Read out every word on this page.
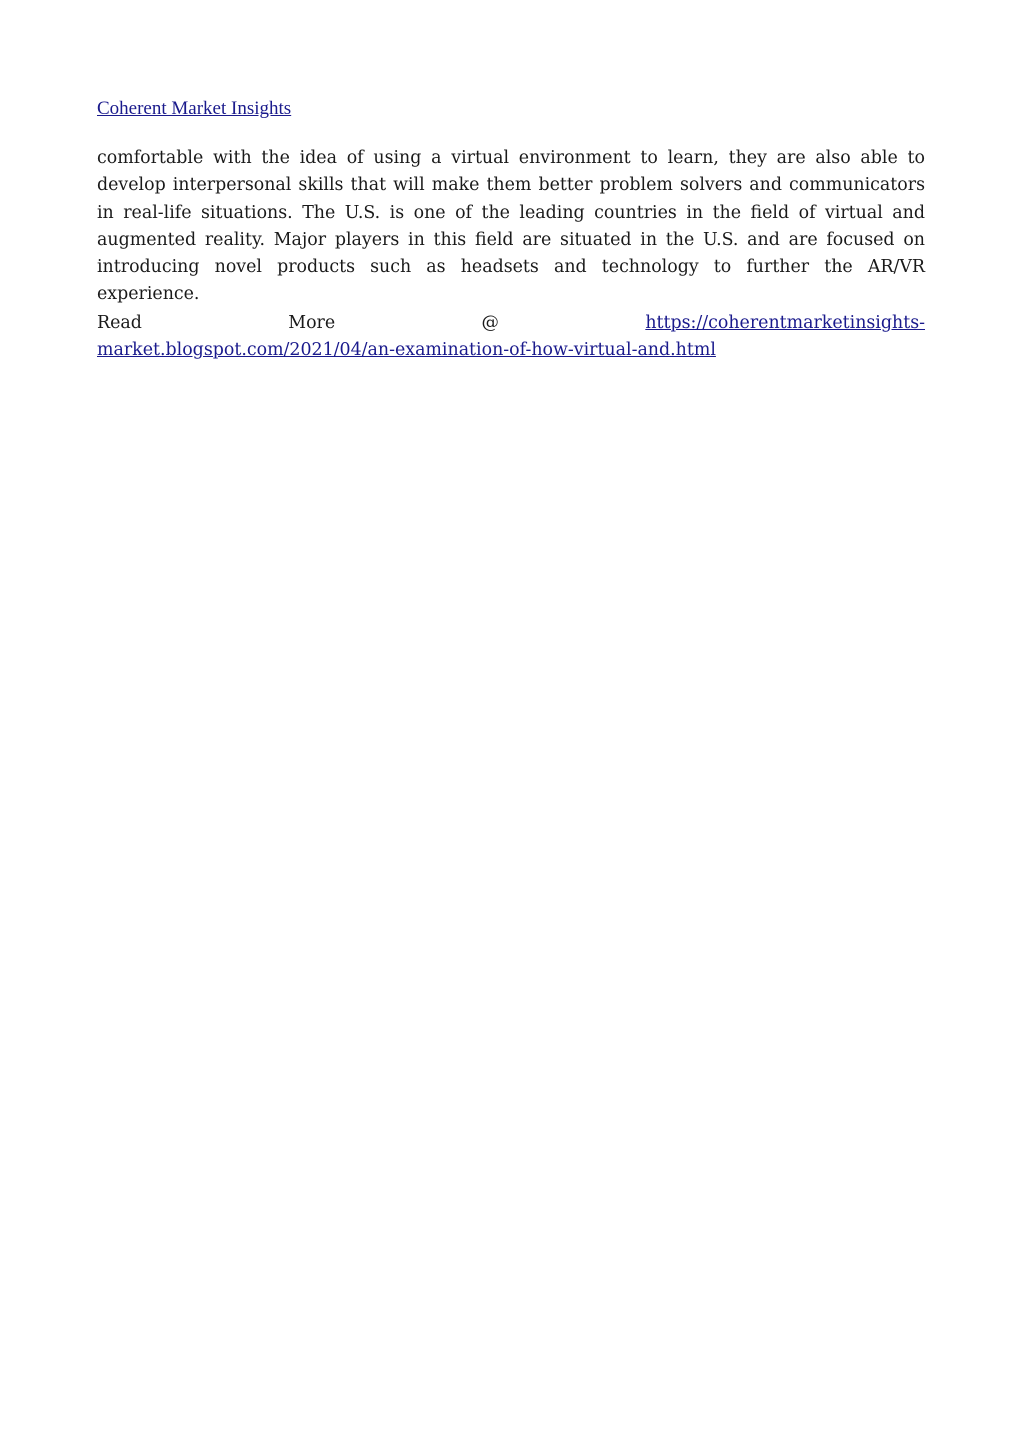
Coherent Market Insights

comfortable with the idea of using a virtual environment to learn, they are also able to develop interpersonal skills that will make them better problem solvers and communicators in real-life situations. The U.S. is one of the leading countries in the field of virtual and augmented reality. Major players in this field are situated in the U.S. and are focused on introducing novel products such as headsets and technology to further the AR/VR experience.

Read More @ https://coherentmarketinsights-market.blogspot.com/2021/04/an-examination-of-how-virtual-and.html
